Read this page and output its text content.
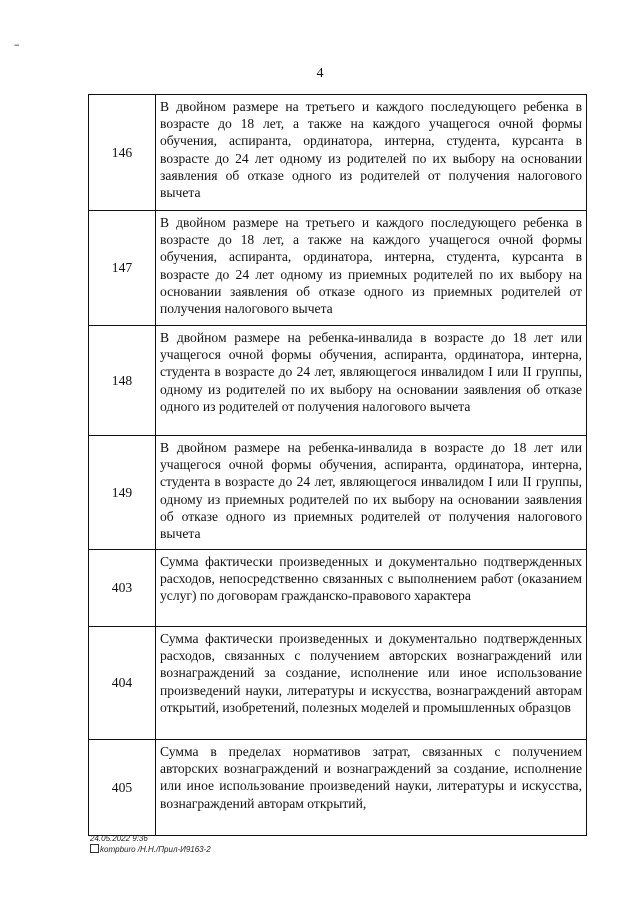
–
4
146	В двойном размере на третьего и каждого последующего ребенка в возрасте до 18 лет, а также на каждого учащегося очной формы обучения, аспиранта, ординатора, интерна, студента, курсанта в возрасте до 24 лет одному из родителей по их выбору на основании заявления об отказе одного из родителей от получения налогового вычета
147	В двойном размере на третьего и каждого последующего ребенка в возрасте до 18 лет, а также на каждого учащегося очной формы обучения, аспиранта, ординатора, интерна, студента, курсанта в возрасте до 24 лет одному из приемных родителей по их выбору на основании заявления об отказе одного из приемных родителей от получения налогового вычета
148	В двойном размере на ребенка-инвалида в возрасте до 18 лет или учащегося очной формы обучения, аспиранта, ординатора, интерна, студента в возрасте до 24 лет, являющегося инвалидом I или II группы, одному из родителей по их выбору на основании заявления об отказе одного из родителей от получения налогового вычета
149	В двойном размере на ребенка-инвалида в возрасте до 18 лет или учащегося очной формы обучения, аспиранта, ординатора, интерна, студента в возрасте до 24 лет, являющегося инвалидом I или II группы, одному из приемных родителей по их выбору на основании заявления об отказе одного из приемных родителей от получения налогового вычета
403	Сумма фактически произведенных и документально подтвержденных расходов, непосредственно связанных с выполнением работ (оказанием услуг) по договорам гражданско-правового характера
404	Сумма фактически произведенных и документально подтвержденных расходов, связанных с получением авторских вознаграждений или вознаграждений за создание, исполнение или иное использование произведений науки, литературы и искусства, вознаграждений авторам открытий, изобретений, полезных моделей и промышленных образцов
405	Сумма в пределах нормативов затрат, связанных с получением авторских вознаграждений и вознаграждений за создание, исполнение или иное использование произведений науки, литературы и искусства, вознаграждений авторам открытий,
24.05.2022 9:36
kompburo /Н.Н./Прил-И9163-2
